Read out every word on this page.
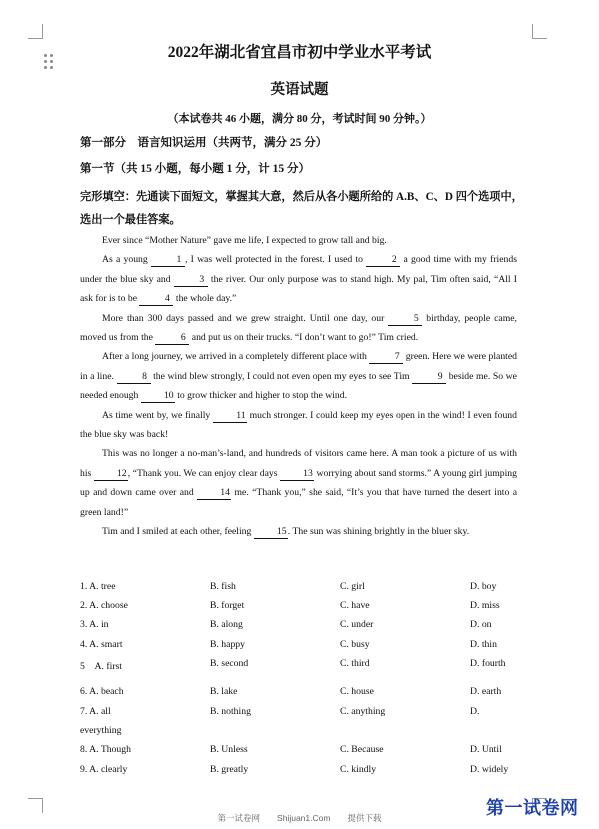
2022年湖北省宜昌市初中学业水平考试
英语试题
（本试卷共 46 小题，满分 80 分，考试时间 90 分钟。）
第一部分　语言知识运用（共两节，满分 25 分）
第一节（共 15 小题，每小题 1 分，计 15 分）
完形填空：先通读下面短文，掌握其大意，然后从各小题所给的 A.B、C、D 四个选项中，选出一个最佳答案。

Ever since “Mother Nature” gave me life, I expected to grow tall and big.

As a young	1 , I was well protected in the forest. I used to	2 a good time with my friends under the blue sky and	3 the river. Our only purpose was to stand high. My pal, Tim often said, “All I ask for is to be	4 the whole day.”

More than 300 days passed and we grew straight. Until one day, our	5 birthday, people came, moved us from the	6 and put us on their trucks. “I don’t want to go!” Tim cried.

After a long journey, we arrived in a completely different place with	7 green. Here we were planted in a line.	8 the wind blew strongly, I could not even open my eyes to see Tim	9 beside me. So we needed enough 10 to grow thicker and higher to stop the wind.

As time went by, we finally 11 much stronger. I could keep my eyes open in the wind! I even found the blue sky was back!

This was no longer a no-man’s-land, and hundreds of visitors came here. A man took a picture of us with his 12, “Thank you. We can enjoy clear days 13 worrying about sand storms.” A young girl jumping up and down came over and 14 me. “Thank you,” she said, “It’s you that have turned the desert into a green land!”

Tim and I smiled at each other, feeling 15. The sun was shining brightly in the bluer sky.

1. A. tree	B. fish	C. girl	D. boy
2. A. choose	B. forget	C. have	D. miss
3. A. in	B. along	C. under	D. on
4. A. smart	B. happy	C. busy	D. thin
5　A. first	B. second	C. third	D. fourth
6. A. beach	B. lake	C. house	D. earth
7. A. all	B. nothing	C. anything	D.
everything
8. A. Though	B. Unless	C. Because	D. Until
9. A. clearly	B. greatly	C. kindly	D. widely
第一试卷网　　Shijuan1.Com　　提供下载	第一试卷网
